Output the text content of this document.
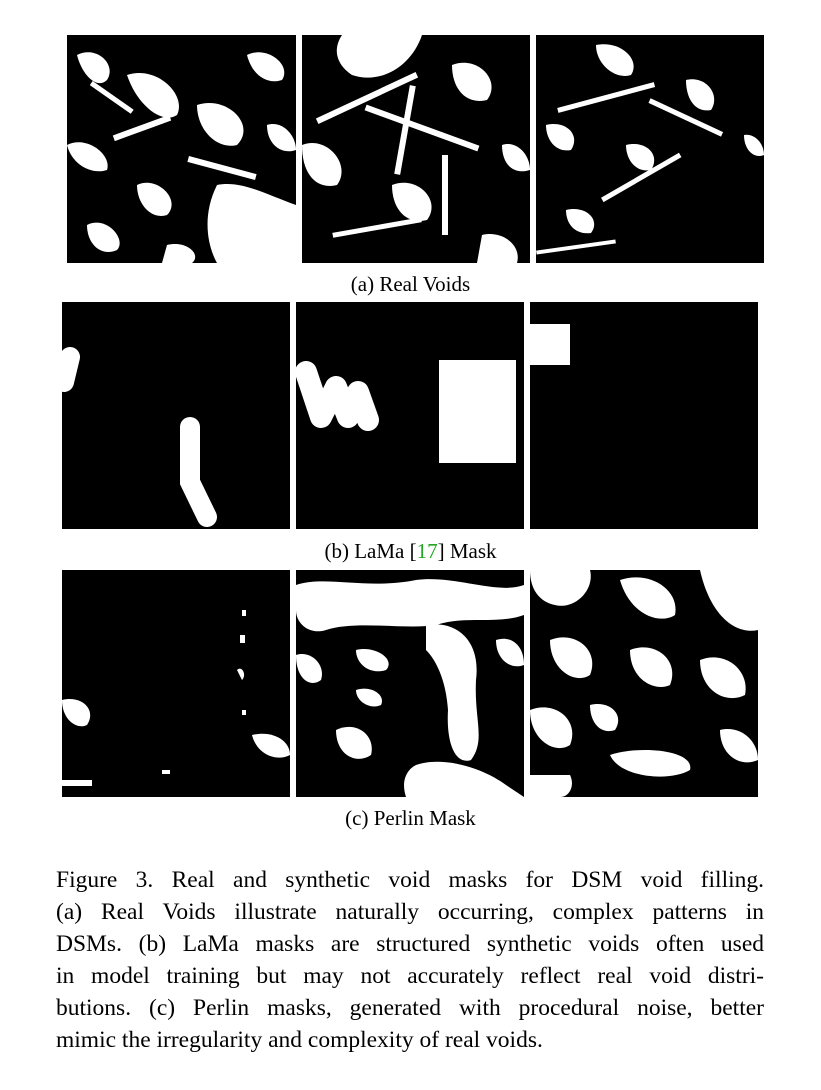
(a) Real Voids
(b) LaMa [17] Mask
(c) Perlin Mask

Figure 3. Real and synthetic void masks for DSM void filling.
(a) Real Voids illustrate naturally occurring, complex patterns in
DSMs. (b) LaMa masks are structured synthetic voids often used
in model training but may not accurately reflect real void distri-
butions. (c) Perlin masks, generated with procedural noise, better
mimic the irregularity and complexity of real voids.
